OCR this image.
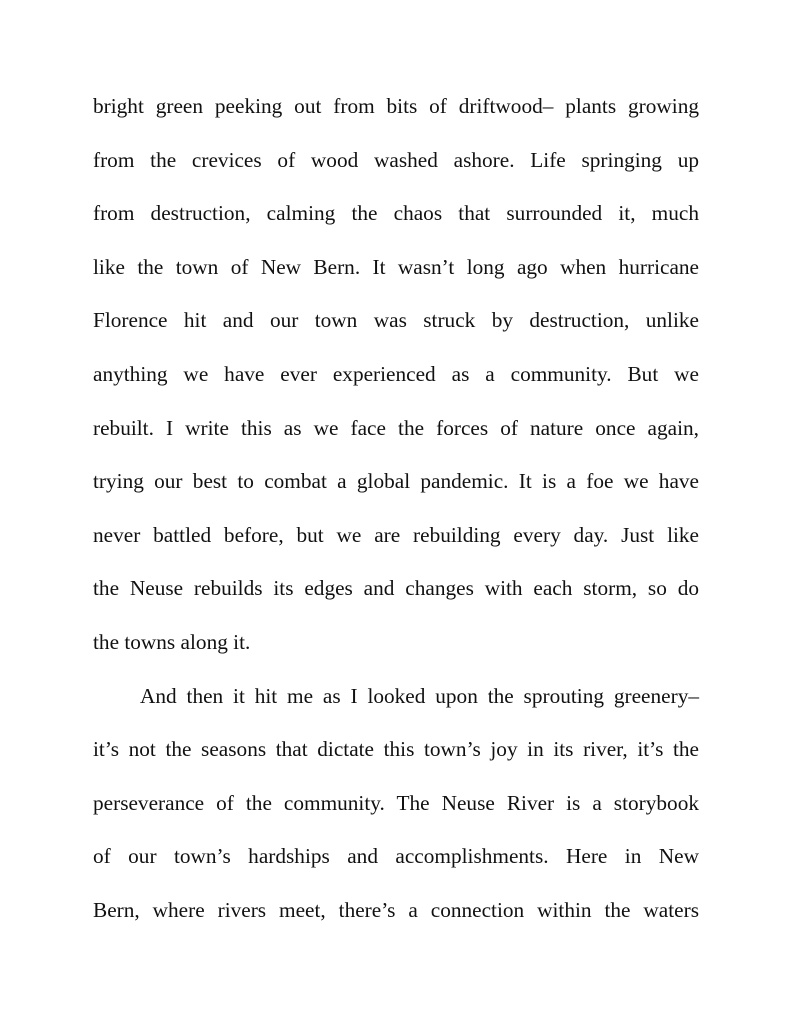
bright green peeking out from bits of driftwood– plants growing
from the crevices of wood washed ashore. Life springing up
from destruction, calming the chaos that surrounded it, much
like the town of New Bern. It wasn’t long ago when hurricane
Florence hit and our town was struck by destruction, unlike
anything we have ever experienced as a community. But we
rebuilt. I write this as we face the forces of nature once again,
trying our best to combat a global pandemic. It is a foe we have
never battled before, but we are rebuilding every day. Just like
the Neuse rebuilds its edges and changes with each storm, so do
the towns along it.
And then it hit me as I looked upon the sprouting greenery–
it’s not the seasons that dictate this town’s joy in its river, it’s the
perseverance of the community. The Neuse River is a storybook
of our town’s hardships and accomplishments. Here in New
Bern, where rivers meet, there’s a connection within the waters
